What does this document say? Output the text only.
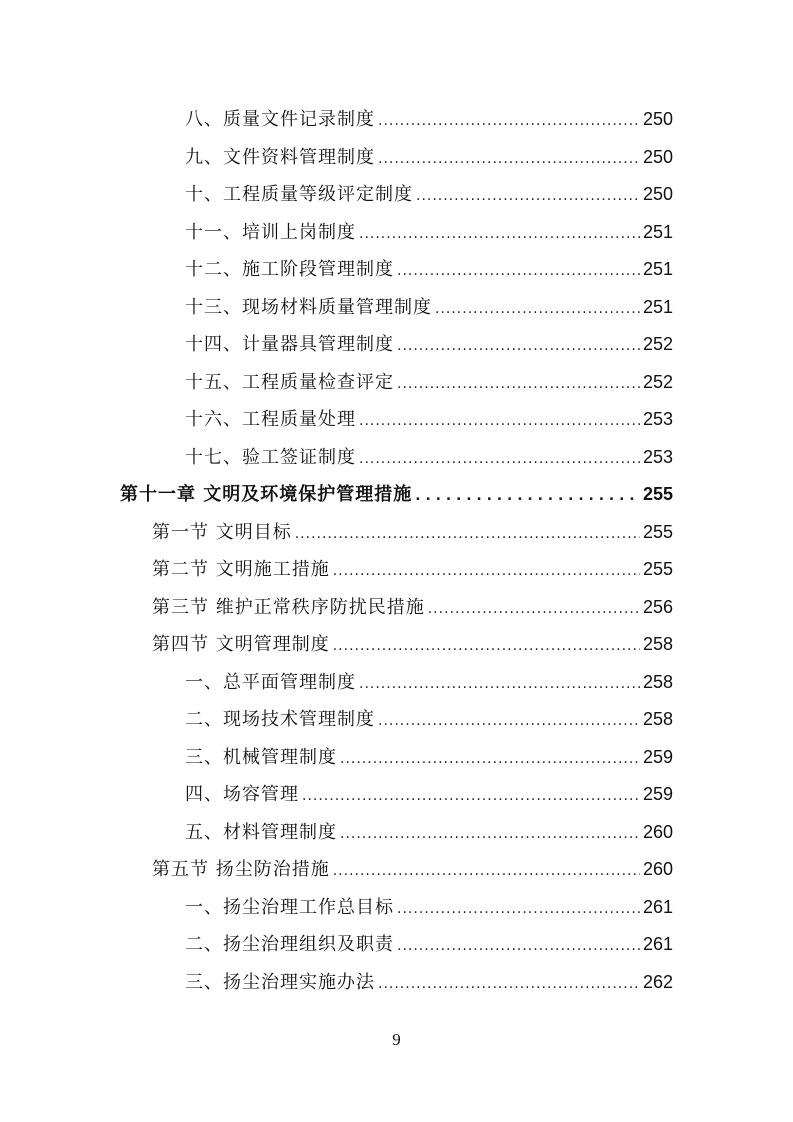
八、质量文件记录制度 .....	250
九、文件资料管理制度 .....	250
十、工程质量等级评定制度 .....	250
十一、培训上岗制度 .....	251
十二、施工阶段管理制度 .....	251
十三、现场材料质量管理制度 .....	251
十四、计量器具管理制度 .....	252
十五、工程质量检查评定 .....	252
十六、工程质量处理 .....	253
十七、验工签证制度 .....	253
第十一章 文明及环境保护管理措施 . . .	255
第一节 文明目标 .....	255
第二节 文明施工措施 .....	255
第三节 维护正常秩序防扰民措施 .....	256
第四节 文明管理制度 .....	258
一、总平面管理制度 .....	258
二、现场技术管理制度 .....	258
三、机械管理制度 .....	259
四、场容管理 .....	259
五、材料管理制度 .....	260
第五节 扬尘防治措施 .....	260
一、扬尘治理工作总目标 .....	261
二、扬尘治理组织及职责 .....	261
三、扬尘治理实施办法 .....	262
9
